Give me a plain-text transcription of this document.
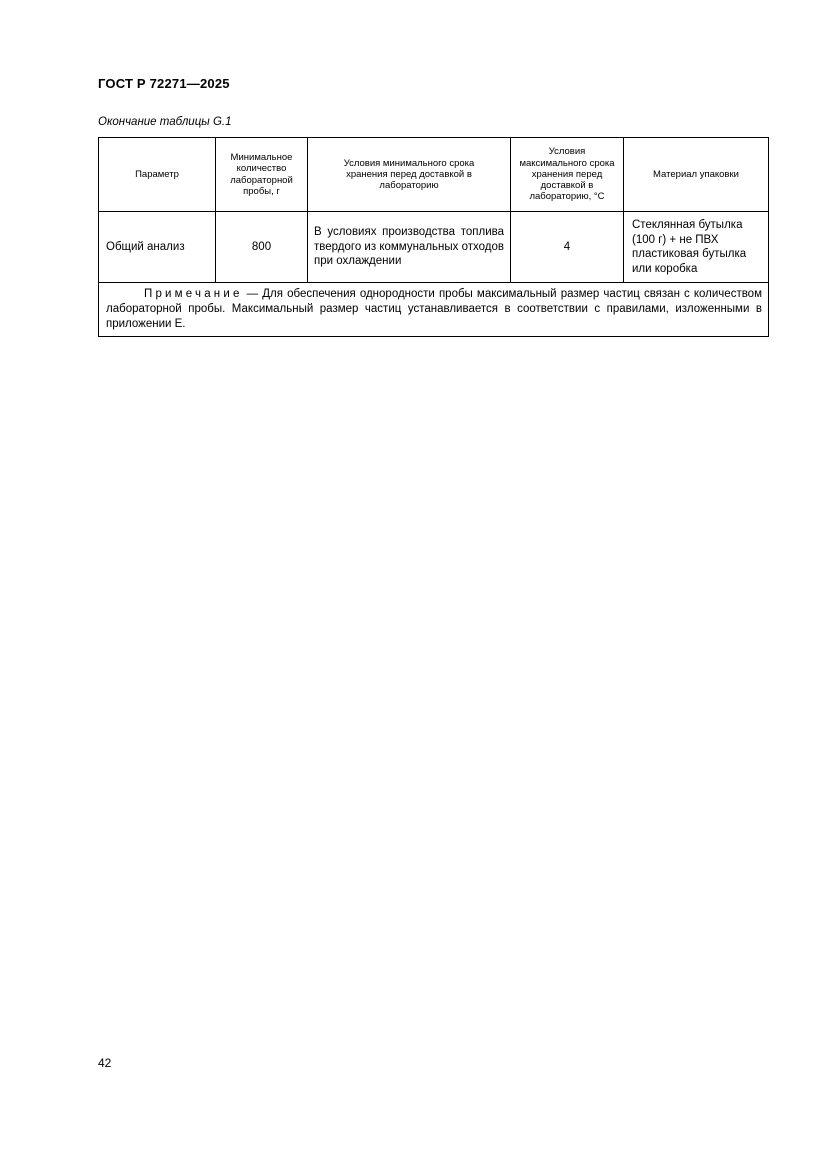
ГОСТ Р 72271—2025
Окончание таблицы G.1
Параметр	Минимальное количество лабораторной пробы, г	Условия минимального срока хранения перед доставкой в лабораторию	Условия максимального срока хранения перед доставкой в лабораторию, °С	Материал упаковки
Общий анализ	800	В условиях производства топлива твердого из коммунальных отходов при охлаждении	4	Стеклянная бутылка (100 г) + не ПВХ пластиковая бутылка или коробка
Примечание — Для обеспечения однородности пробы максимальный размер частиц связан с количеством лабораторной пробы. Максимальный размер частиц устанавливается в соответствии с правилами, изложенными в приложении Е.				
42
